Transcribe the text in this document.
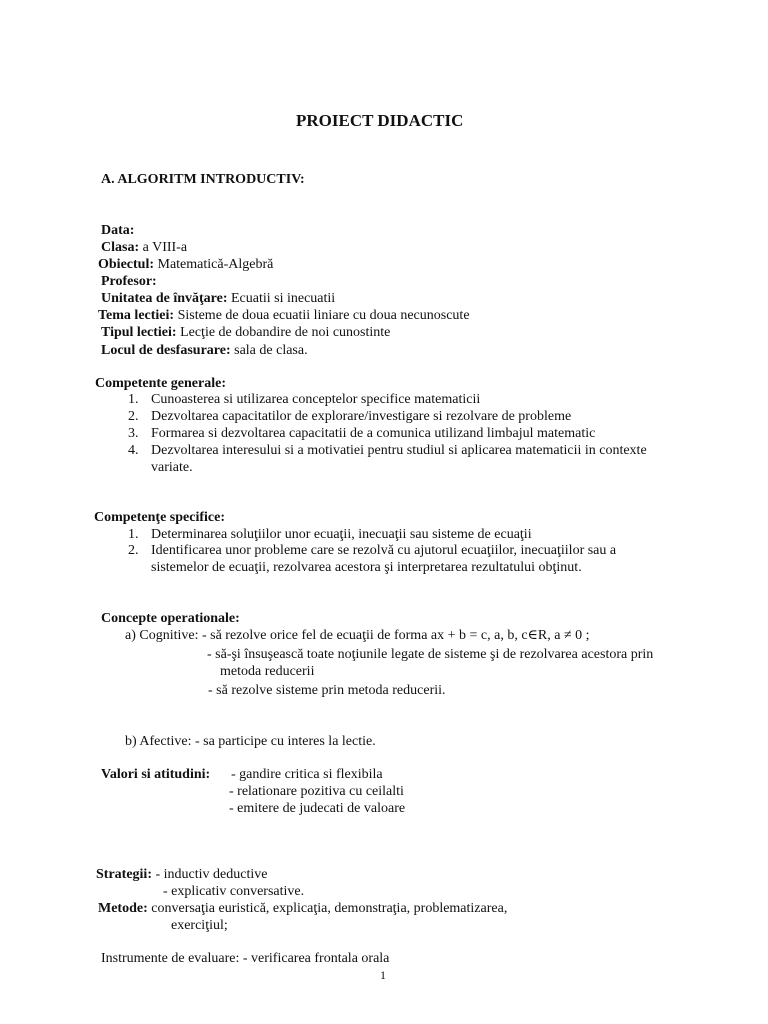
PROIECT DIDACTIC
A. ALGORITM INTRODUCTIV:
Data:
Clasa: a VIII-a
Obiectul: Matematică-Algebră
Profesor:
Unitatea de învăţare: Ecuatii si inecuatii
Tema lectiei: Sisteme de doua ecuatii liniare cu doua necunoscute
Tipul lectiei: Lecţie de dobandire de noi cunostinte
Locul de desfasurare: sala de clasa.
Competente generale:
1. Cunoasterea si utilizarea conceptelor specifice matematicii
2. Dezvoltarea capacitatilor de explorare/investigare si rezolvare de probleme
3. Formarea si dezvoltarea capacitatii de a comunica utilizand limbajul matematic
4. Dezvoltarea interesului si a motivatiei pentru studiul si aplicarea matematicii in contexte
variate.
Competenţe specifice:
1. Determinarea soluţiilor unor ecuaţii, inecuaţii sau sisteme de ecuaţii
2. Identificarea unor probleme care se rezolvă cu ajutorul ecuaţiilor, inecuaţiilor sau a
sistemelor de ecuaţii, rezolvarea acestora şi interpretarea rezultatului obţinut.
Concepte operationale:
a) Cognitive: - să rezolve orice fel de ecuaţii de forma ax + b = c, a, b, c∈R, a ≠ 0 ;
- să-şi însuşească toate noţiunile legate de sisteme şi de rezolvarea acestora prin
metoda reducerii
- să rezolve sisteme prin metoda reducerii.
b) Afective: - sa participe cu interes la lectie.
Valori si atitudini: - gandire critica si flexibila
- relationare pozitiva cu ceilalti
- emitere de judecati de valoare
Strategii: - inductiv deductive
- explicativ conversative.
Metode: conversaţia euristică, explicaţia, demonstraţia, problematizarea,
exerciţiul;
Instrumente de evaluare: - verificarea frontala orala
1
